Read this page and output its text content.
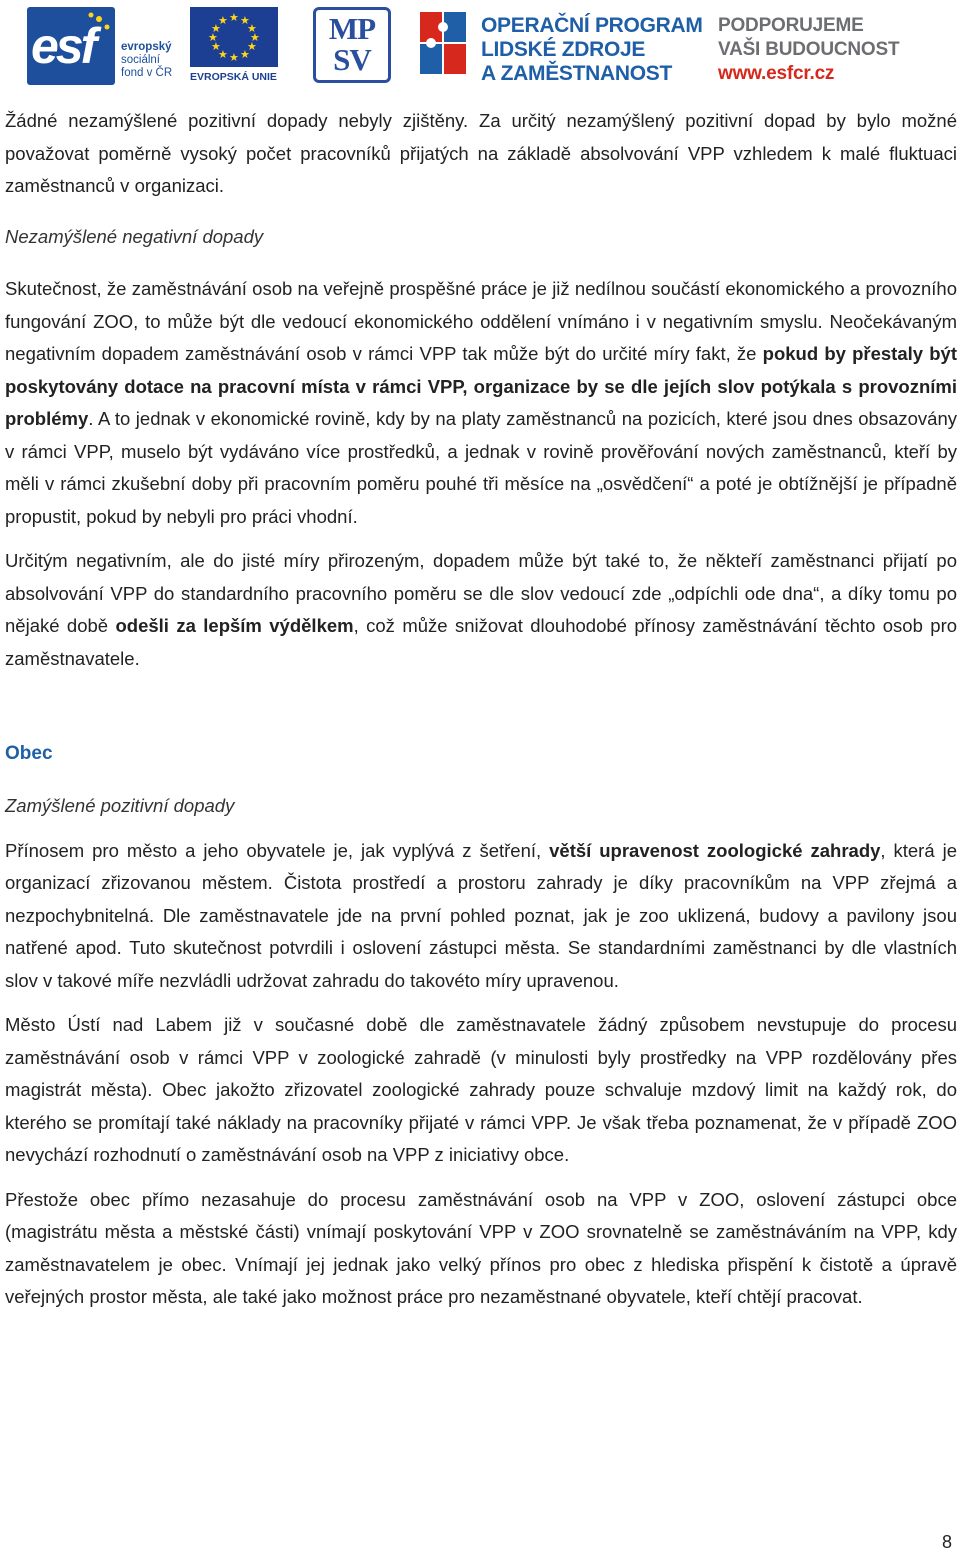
esf evropský
sociální
fond v ČR
★ ★
★
★
★
★
★
★
★
★
★
★
EVROPSKÁ UNIE
MP
SV
OPERAČNÍ PROGRAM
LIDSKÉ ZDROJE
A ZAMĚSTNANOST
PODPORUJEME
VAŠI BUDOUCNOST
www.esfcr.cz

Žádné nezamýšlené pozitivní dopady nebyly zjištěny. Za určitý nezamýšlený pozitivní dopad by bylo možné považovat poměrně vysoký počet pracovníků přijatých na základě absolvování VPP vzhledem k malé fluktuaci zaměstnanců v organizaci.

Nezamýšlené negativní dopady

Skutečnost, že zaměstnávání osob na veřejně prospěšné práce je již nedílnou součástí ekonomického a provozního fungování ZOO, to může být dle vedoucí ekonomického oddělení vnímáno i v negativním smyslu. Neočekávaným negativním dopadem zaměstnávání osob v rámci VPP tak může být do určité míry fakt, že pokud by přestaly být poskytovány dotace na pracovní místa v rámci VPP, organizace by se dle jejích slov potýkala s provozními problémy. A to jednak v ekonomické rovině, kdy by na platy zaměstnanců na pozicích, které jsou dnes obsazovány v rámci VPP, muselo být vydáváno více prostředků, a jednak v rovině prověřování nových zaměstnanců, kteří by měli v rámci zkušební doby při pracovním poměru pouhé tři měsíce na „osvědčení“ a poté je obtížnější je případně propustit, pokud by nebyli pro práci vhodní.

Určitým negativním, ale do jisté míry přirozeným, dopadem může být také to, že někteří zaměstnanci přijatí po absolvování VPP do standardního pracovního poměru se dle slov vedoucí zde „odpíchli ode dna“, a díky tomu po nějaké době odešli za lepším výdělkem, což může snižovat dlouhodobé přínosy zaměstnávání těchto osob pro zaměstnavatele.

Obec
Zamýšlené pozitivní dopady

Přínosem pro město a jeho obyvatele je, jak vyplývá z šetření, větší upravenost zoologické zahrady, která je organizací zřizovanou městem. Čistota prostředí a prostoru zahrady je díky pracovníkům na VPP zřejmá a nezpochybnitelná. Dle zaměstnavatele jde na první pohled poznat, jak je zoo uklizená, budovy a pavilony jsou natřené apod. Tuto skutečnost potvrdili i oslovení zástupci města. Se standardními zaměstnanci by dle vlastních slov v takové míře nezvládli udržovat zahradu do takovéto míry upravenou.

Město Ústí nad Labem již v současné době dle zaměstnavatele žádný způsobem nevstupuje do procesu zaměstnávání osob v rámci VPP v zoologické zahradě (v minulosti byly prostředky na VPP rozdělovány přes magistrát města). Obec jakožto zřizovatel zoologické zahrady pouze schvaluje mzdový limit na každý rok, do kterého se promítají také náklady na pracovníky přijaté v rámci VPP. Je však třeba poznamenat, že v případě ZOO nevychází rozhodnutí o zaměstnávání osob na VPP z iniciativy obce.

Přestože obec přímo nezasahuje do procesu zaměstnávání osob na VPP v ZOO, oslovení zástupci obce (magistrátu města a městské části) vnímají poskytování VPP v ZOO srovnatelně se zaměstnáváním na VPP, kdy zaměstnavatelem je obec. Vnímají jej jednak jako velký přínos pro obec z hlediska přispění k čistotě a úpravě veřejných prostor města, ale také jako možnost práce pro nezaměstnané obyvatele, kteří chtějí pracovat.

8
